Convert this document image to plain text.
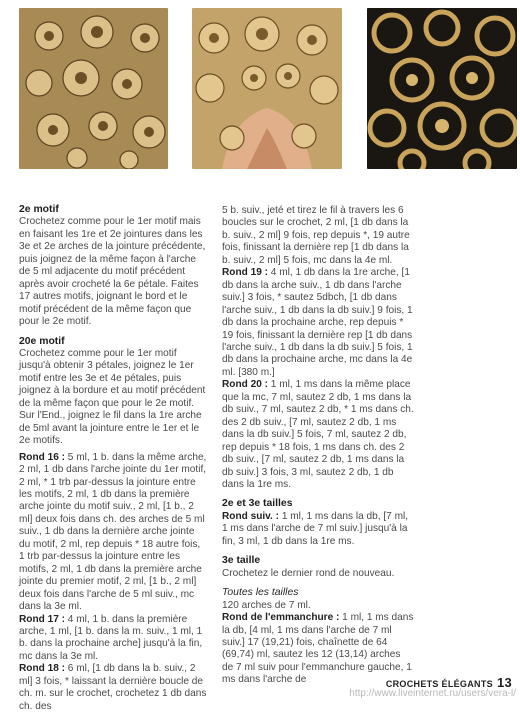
2e motif

Crochetez comme pour le 1er motif mais en faisant les 1re et 2e jointures dans les 3e et 2e arches de la jointure précédente, puis joignez de la même façon à l'arche de 5 ml adjacente du motif précédent après avoir crocheté la 6e pétale. Faites 17 autres motifs, joignant le bord et le motif précédent de la même façon que pour le 2e motif.

20e motif

Crochetez comme pour le 1er motif jusqu'à obtenir 3 pétales, joignez le 1er motif entre les 3e et 4e pétales, puis joignez à la bordure et au motif précédent de la même façon que pour le 2e motif. Sur l'End., joignez le fil dans la 1re arche de 5ml avant la jointure entre le 1er et le 2e motifs.

Rond 16 : 5 ml, 1 b. dans la même arche, 2 ml, 1 db dans l'arche jointe du 1er motif, 2 ml, * 1 trb par-dessus la jointure entre les motifs, 2 ml, 1 db dans la première arche jointe du motif suiv., 2 ml, [1 b., 2 ml] deux fois dans ch. des arches de 5 ml suiv., 1 db dans la dernière arche jointe du motif, 2 ml, rep depuis * 18 autre fois, 1 trb par-dessus la jointure entre les motifs, 2 ml, 1 db dans la première arche jointe du premier motif, 2 ml, [1 b., 2 ml] deux fois dans l'arche de 5 ml suiv., mc dans la 3e ml.

Rond 17 : 4 ml, 1 b. dans la première arche, 1 ml, [1 b. dans la m. suiv., 1 ml, 1 b. dans la prochaine arche] jusqu'à la fin, mc dans la 3e ml.

Rond 18 : 6 ml, [1 db dans la b. suiv., 2 ml] 3 fois, * laissant la dernière boucle de ch. m. sur le crochet, crochetez 1 db dans ch. des

5 b. suiv., jeté et tirez le fil à travers les 6 boucles sur le crochet, 2 ml, [1 db dans la b. suiv., 2 ml] 9 fois, rep depuis *, 19 autre fois, finissant la dernière rep [1 db dans la b. suiv., 2 ml] 5 fois, mc dans la 4e ml.

Rond 19 : 4 ml, 1 db dans la 1re arche, [1 db dans la arche suiv., 1 db dans l'arche suiv.] 3 fois, * sautez 5dbch, [1 db dans l'arche suiv., 1 db dans la db suiv.] 9 fois, 1 db dans la prochaine arche, rep depuis * 19 fois, finissant la dernière rep [1 db dans l'arche suiv., 1 db dans la db suiv.] 5 fois, 1 db dans la prochaine arche, mc dans la 4e ml. [380 m.]

Rond 20 : 1 ml, 1 ms dans la même place que la mc, 7 ml, sautez 2 db, 1 ms dans la db suiv., 7 ml, sautez 2 db, * 1 ms dans ch. des 2 db suiv., [7 ml, sautez 2 db, 1 ms dans la db suiv.] 5 fois, 7 ml, sautez 2 db, rep depuis * 18 fois, 1 ms dans ch. des 2 db suiv., [7 ml, sautez 2 db, 1 ms dans la db suiv.] 3 fois, 3 ml, sautez 2 db, 1 db dans la 1re ms.

2e et 3e tailles

Rond suiv. : 1 ml, 1 ms dans la db, [7 ml, 1 ms dans l'arche de 7 ml suiv.] jusqu'à la fin, 3 ml, 1 db dans la 1re ms.

3e taille

Crochetez le dernier rond de nouveau.

Toutes les tailles

120 arches de 7 ml.

Rond de l'emmanchure : 1 ml, 1 ms dans la db, [4 ml, 1 ms dans l'arche de 7 ml suiv.] 17 (19,21) fois, chaînette de 64 (69,74) ml, sautez les 12 (13,14) arches de 7 ml suiv pour l'emmanchure gauche, 1 ms dans l'arche de	CROCHETS ÉLÉGANTS 13
http://www.liveinternet.ru/users/vera-l/
